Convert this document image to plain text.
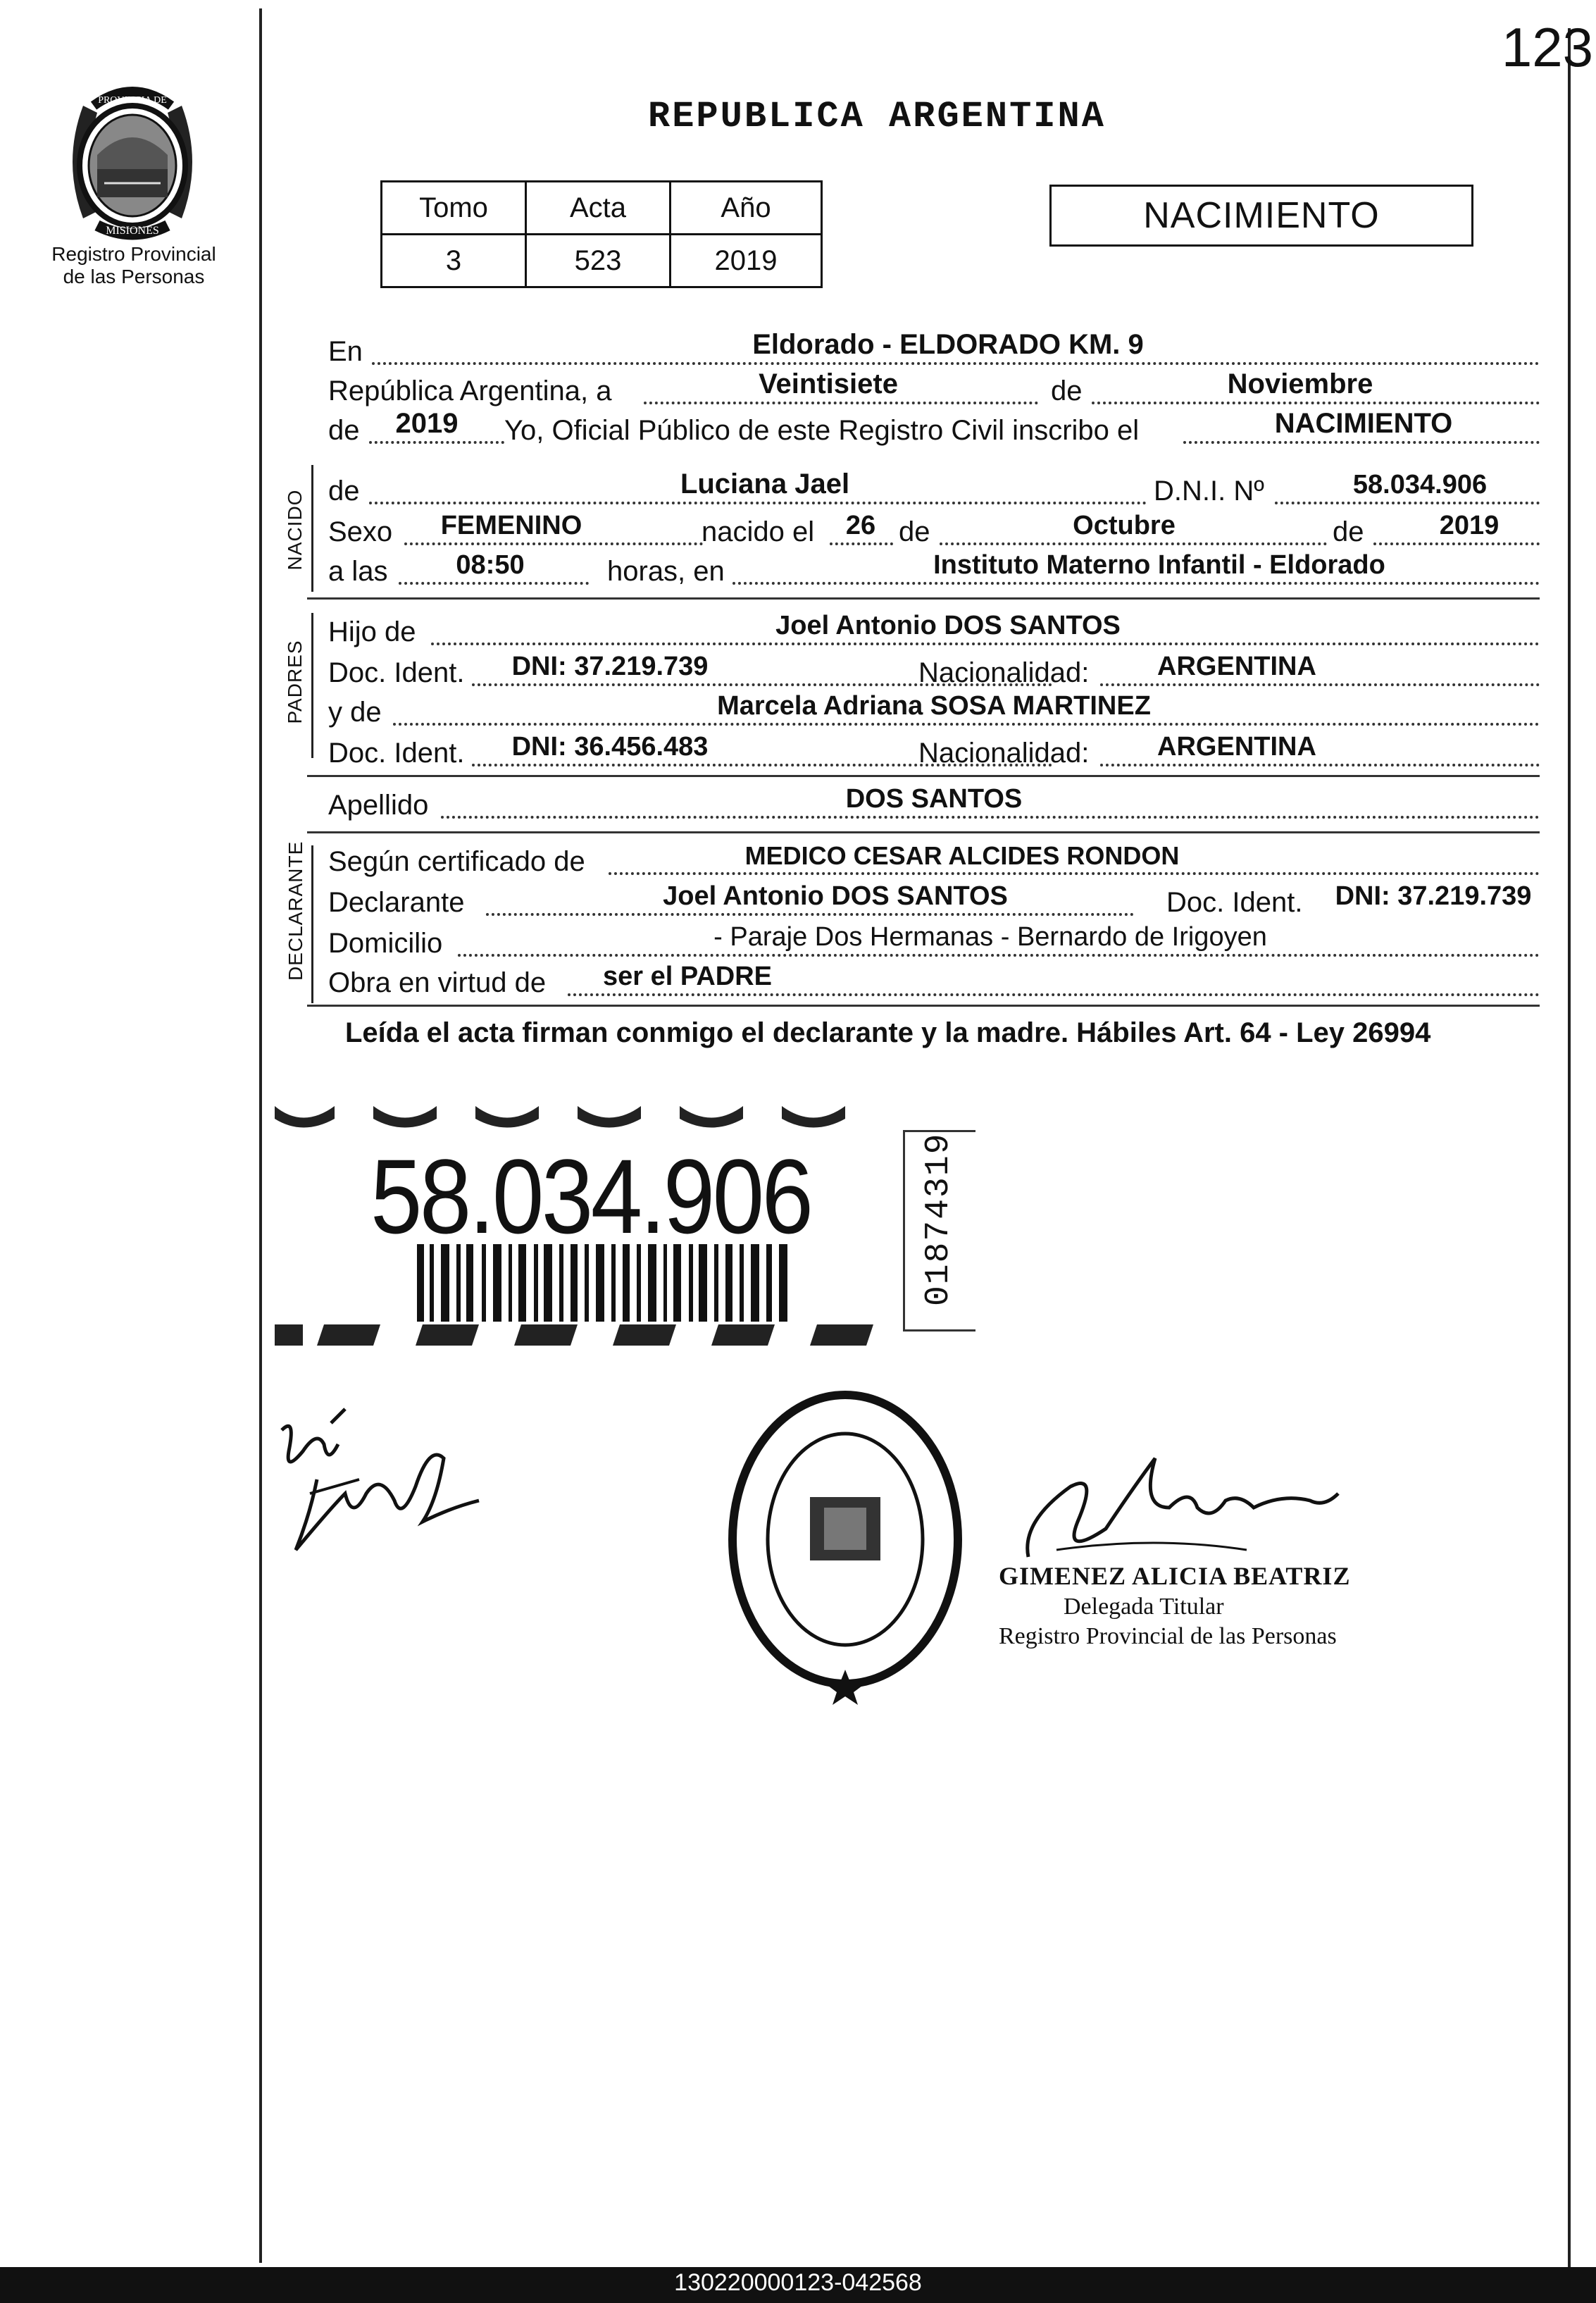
123
REPUBLICA ARGENTINA
PROVINCIA DE
MISIONES
Registro Provincial
de las Personas
Tomo	Acta	Año
3	523	2019
NACIMIENTO
En	Eldorado - ELDORADO KM. 9
República Argentina, a	Veintisiete	de	Noviembre
de	2019	Yo, Oficial Público de este Registro Civil inscribo el	NACIMIENTO
NACIDO de	Luciana Jael	D.N.I. Nº	58.034.906
Sexo	FEMENINO	nacido el	26 de	Octubre	de	2019
a las	08:50	horas, en	Instituto Materno Infantil - Eldorado
PADRES
Hijo de	Joel Antonio DOS SANTOS
Doc. Ident.	DNI: 37.219.739	Nacionalidad:	ARGENTINA
y de	Marcela Adriana SOSA MARTINEZ
Doc. Ident.	DNI: 36.456.483	Nacionalidad:	ARGENTINA
Apellido	DOS SANTOS
DECLARANTE Según certificado de	MEDICO CESAR ALCIDES RONDON
Declarante	Joel Antonio DOS SANTOS	Doc. Ident.	DNI: 37.219.739
Domicilio	- Paraje Dos Hermanas - Bernardo de Irigoyen
Obra en virtud de	ser el PADRE
Leída el acta firman conmigo el declarante y la madre. Hábiles Art. 64 - Ley 26994
58.034.906	01874319
GIMENEZ ALICIA BEATRIZ
Delegada Titular
Registro Provincial de las Personas
130220000123-042568
